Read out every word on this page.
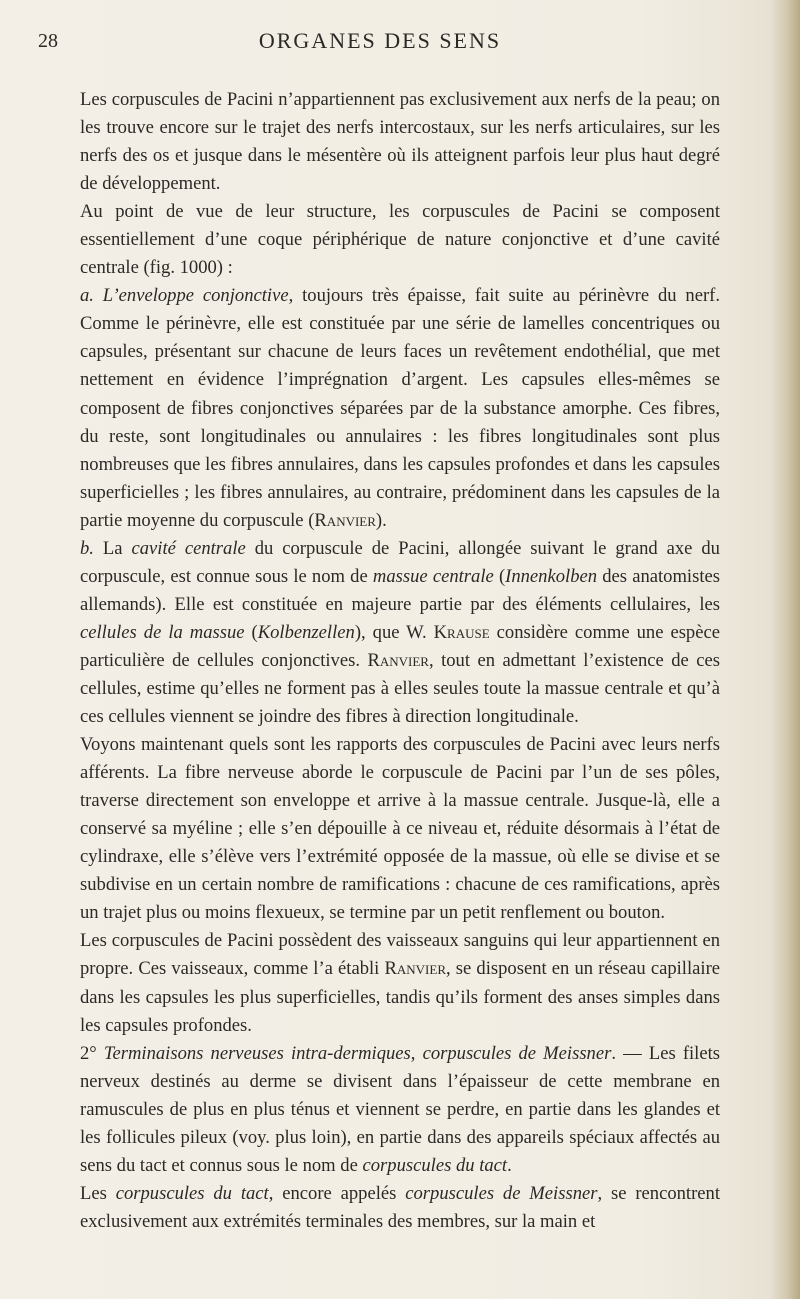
28	ORGANES DES SENS

Les corpuscules de Pacini n’appartiennent pas exclusivement aux nerfs de la peau; on les trouve encore sur le trajet des nerfs intercostaux, sur les nerfs articulaires, sur les nerfs des os et jusque dans le mésentère où ils atteignent parfois leur plus haut degré de développement.

Au point de vue de leur structure, les corpuscules de Pacini se composent essentiellement d’une coque périphérique de nature conjonctive et d’une cavité centrale (fig. 1000) :

a. L’enveloppe conjonctive, toujours très épaisse, fait suite au périnèvre du nerf. Comme le périnèvre, elle est constituée par une série de lamelles concentriques ou capsules, présentant sur chacune de leurs faces un revêtement endothélial, que met nettement en évidence l’imprégnation d’argent. Les capsules elles-mêmes se composent de fibres conjonctives séparées par de la substance amorphe. Ces fibres, du reste, sont longitudinales ou annulaires : les fibres longitudinales sont plus nombreuses que les fibres annulaires, dans les capsules profondes et dans les capsules superficielles ; les fibres annulaires, au contraire, prédominent dans les capsules de la partie moyenne du corpuscule (Ranvier).

b. La cavité centrale du corpuscule de Pacini, allongée suivant le grand axe du corpuscule, est connue sous le nom de massue centrale (Innenkolben des anatomistes allemands). Elle est constituée en majeure partie par des éléments cellulaires, les cellules de la massue (Kolbenzellen), que W. Krause considère comme une espèce particulière de cellules conjonctives. Ranvier, tout en admettant l’existence de ces cellules, estime qu’elles ne forment pas à elles seules toute la massue centrale et qu’à ces cellules viennent se joindre des fibres à direction longitudinale.

Voyons maintenant quels sont les rapports des corpuscules de Pacini avec leurs nerfs afférents. La fibre nerveuse aborde le corpuscule de Pacini par l’un de ses pôles, traverse directement son enveloppe et arrive à la massue centrale. Jusque-là, elle a conservé sa myéline ; elle s’en dépouille à ce niveau et, réduite désormais à l’état de cylindraxe, elle s’élève vers l’extrémité opposée de la massue, où elle se divise et se subdivise en un certain nombre de ramifications : chacune de ces ramifications, après un trajet plus ou moins flexueux, se termine par un petit renflement ou bouton.

Les corpuscules de Pacini possèdent des vaisseaux sanguins qui leur appartiennent en propre. Ces vaisseaux, comme l’a établi Ranvier, se disposent en un réseau capillaire dans les capsules les plus superficielles, tandis qu’ils forment des anses simples dans les capsules profondes.

2° Terminaisons nerveuses intra-dermiques, corpuscules de Meissner. — Les filets nerveux destinés au derme se divisent dans l’épaisseur de cette membrane en ramuscules de plus en plus ténus et viennent se perdre, en partie dans les glandes et les follicules pileux (voy. plus loin), en partie dans des appareils spéciaux affectés au sens du tact et connus sous le nom de corpuscules du tact.

Les corpuscules du tact, encore appelés corpuscules de Meissner, se rencontrent exclusivement aux extrémités terminales des membres, sur la main et
